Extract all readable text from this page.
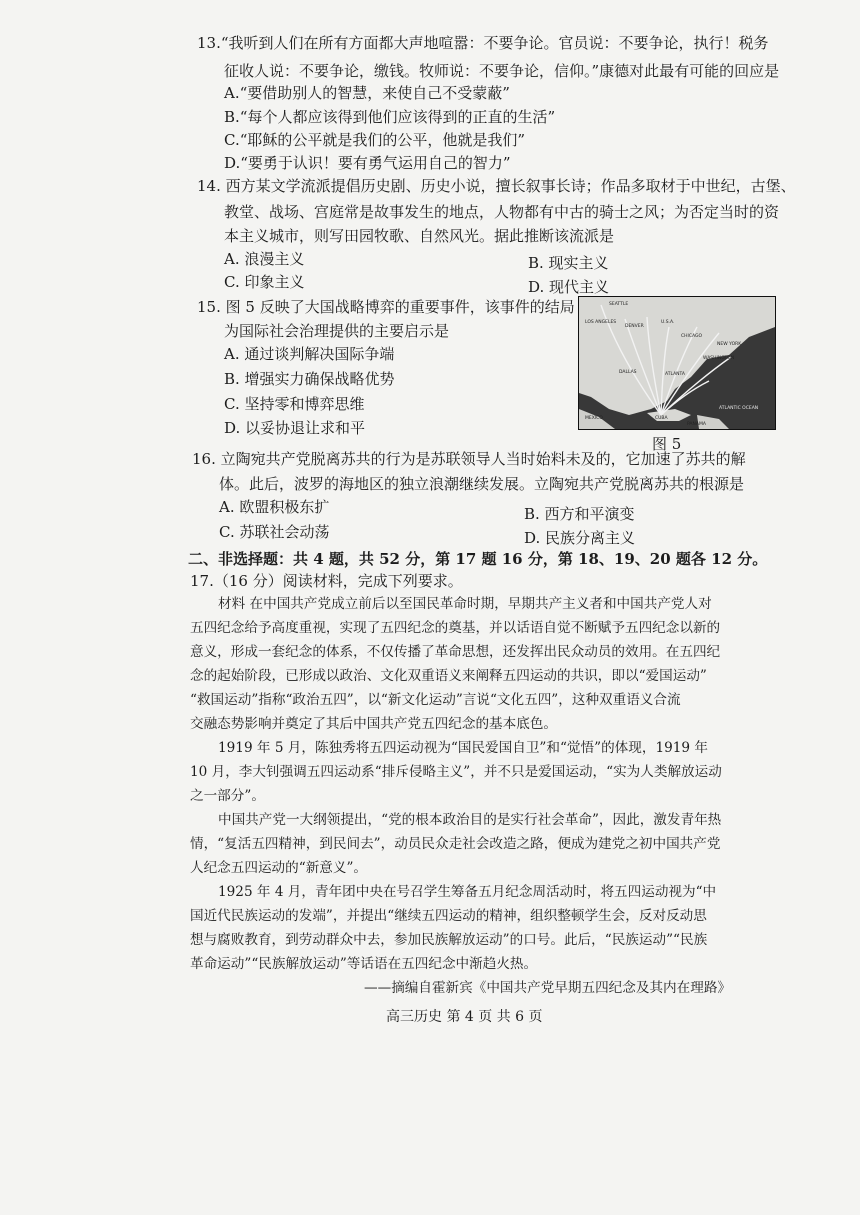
13.“我听到人们在所有方面都大声地喧嚣：不要争论。官员说：不要争论，执行！税务
征收人说：不要争论，缴钱。牧师说：不要争论，信仰。”康德对此最有可能的回应是
A.“要借助别人的智慧，来使自己不受蒙蔽”
B.“每个人都应该得到他们应该得到的正直的生活”
C.“耶稣的公平就是我们的公平，他就是我们”
D.“要勇于认识！要有勇气运用自己的智力”
14. 西方某文学流派提倡历史剧、历史小说，擅长叙事长诗；作品多取材于中世纪，古堡、
教堂、战场、宫庭常是故事发生的地点，人物都有中古的骑士之风；为否定当时的资
本主义城市，则写田园牧歌、自然风光。据此推断该流派是
A. 浪漫主义	B. 现实主义
C. 印象主义	D. 现代主义
15. 图 5 反映了大国战略博弈的重要事件，该事件的结局
为国际社会治理提供的主要启示是
A. 通过谈判解决国际争端
B. 增强实力确保战略优势
C. 坚持零和博弈思维
D. 以妥协退让求和平
SEATTLE
LOS ANGELES
DENVER
U.S.A.
CHICAGO
NEW YORK
WASHINGTON
DALLAS	ATLANTA
MEXICO	CUBA
PANAMA
ATLANTIC OCEAN
图 5
16. 立陶宛共产党脱离苏共的行为是苏联领导人当时始料未及的，它加速了苏共的解
体。此后，波罗的海地区的独立浪潮继续发展。立陶宛共产党脱离苏共的根源是
A. 欧盟积极东扩	B. 西方和平演变
C. 苏联社会动荡	D. 民族分离主义
二、非选择题：共 4 题，共 52 分，第 17 题 16 分，第 18、19、20 题各 12 分。
17.（16 分）阅读材料，完成下列要求。
材料 在中国共产党成立前后以至国民革命时期，早期共产主义者和中国共产党人对
五四纪念给予高度重视，实现了五四纪念的奠基，并以话语自觉不断赋予五四纪念以新的
意义，形成一套纪念的体系，不仅传播了革命思想，还发挥出民众动员的效用。在五四纪
念的起始阶段，已形成以政治、文化双重语义来阐释五四运动的共识，即以“爱国运动”
“救国运动”指称“政治五四”，以“新文化运动”言说“文化五四”，这种双重语义合流
交融态势影响并奠定了其后中国共产党五四纪念的基本底色。
1919 年 5 月，陈独秀将五四运动视为“国民爱国自卫”和“觉悟”的体现，1919 年
10 月，李大钊强调五四运动系“排斥侵略主义”，并不只是爱国运动，“实为人类解放运动
之一部分”。
中国共产党一大纲领提出，“党的根本政治目的是实行社会革命”，因此，激发青年热
情，“复活五四精神，到民间去”，动员民众走社会改造之路，便成为建党之初中国共产党
人纪念五四运动的“新意义”。
1925 年 4 月，青年团中央在号召学生筹备五月纪念周活动时，将五四运动视为“中
国近代民族运动的发端”，并提出“继续五四运动的精神，组织整顿学生会，反对反动思
想与腐败教育，到劳动群众中去，参加民族解放运动”的口号。此后，“民族运动”“民族
革命运动”“民族解放运动”等话语在五四纪念中渐趋火热。
——摘编自霍新宾《中国共产党早期五四纪念及其内在理路》
高三历史 第 4 页 共 6 页
